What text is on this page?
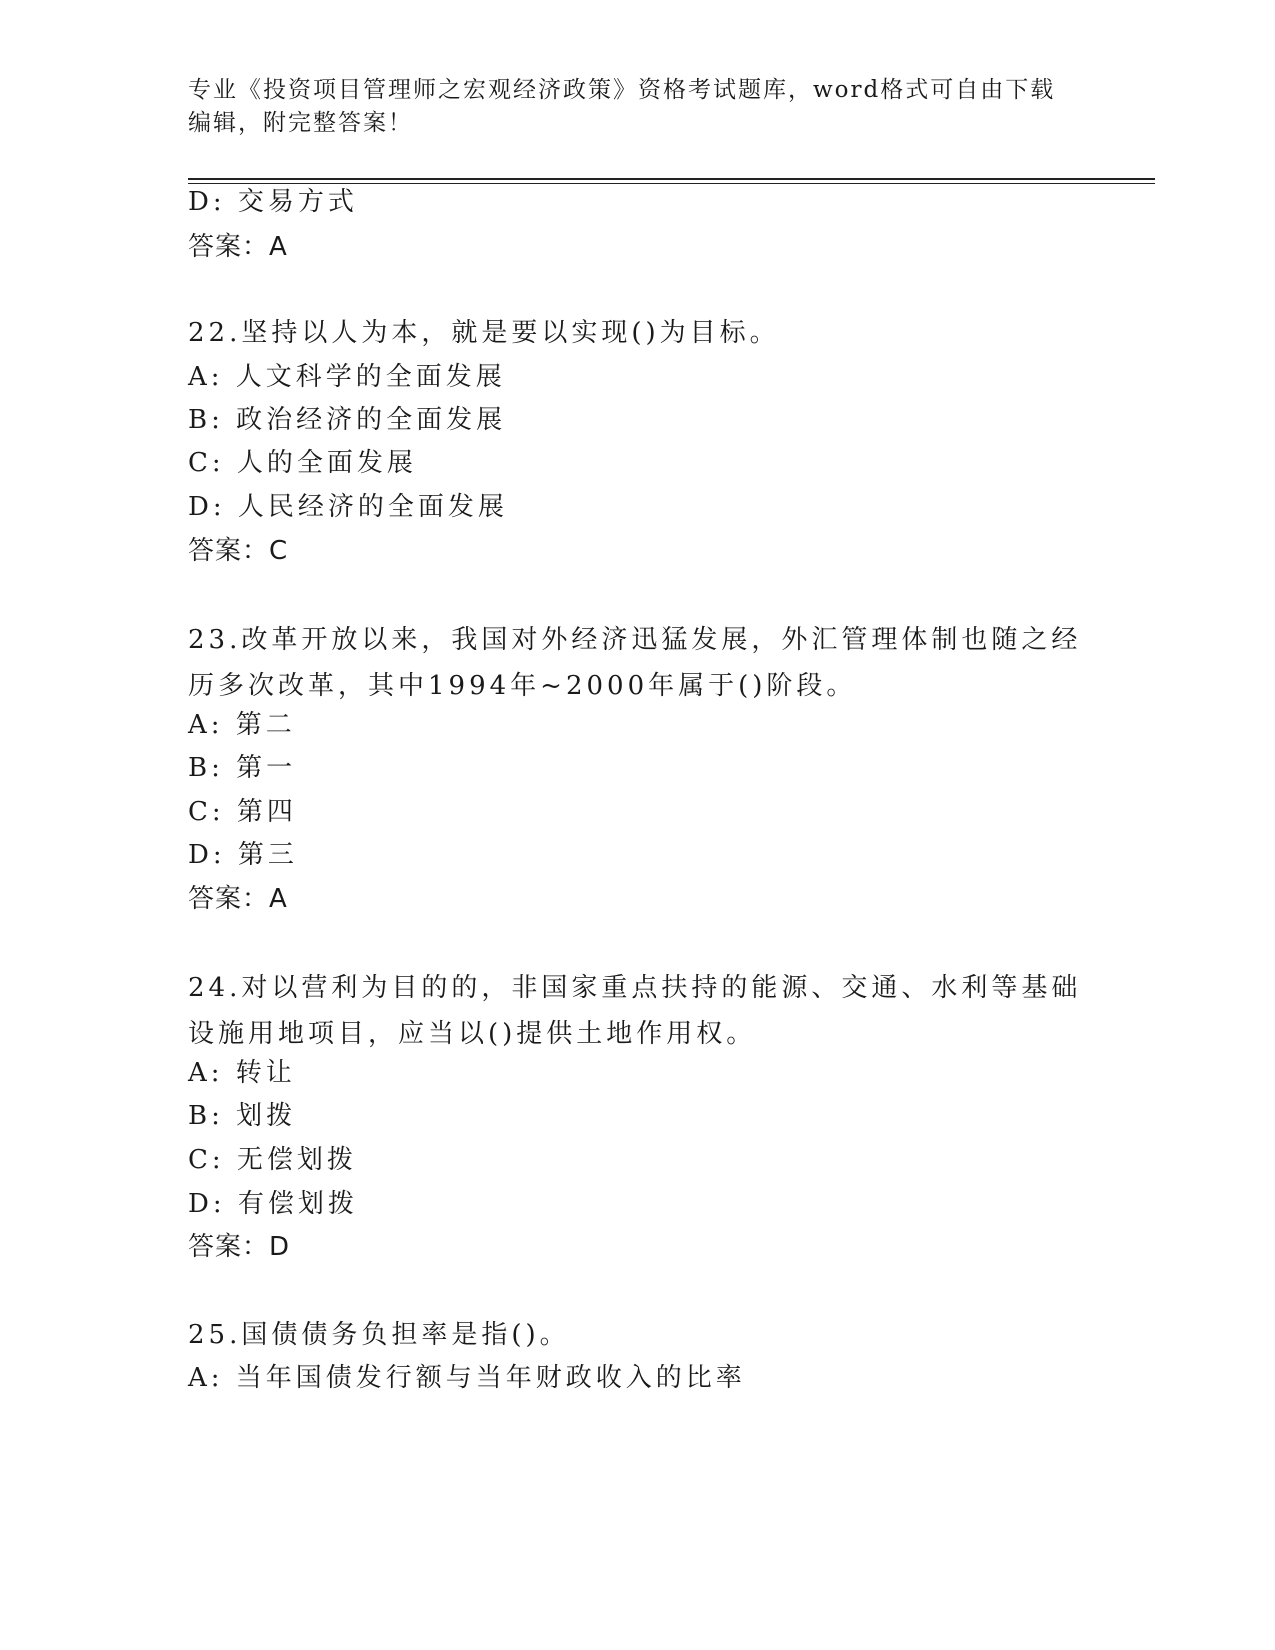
专业《投资项目管理师之宏观经济政策》资格考试题库，word格式可自由下载编辑，附完整答案！
D: 交易方式
答案：A
22.坚持以人为本，就是要以实现()为目标。
A: 人文科学的全面发展
B: 政治经济的全面发展
C: 人的全面发展
D: 人民经济的全面发展
答案：C
23.改革开放以来，我国对外经济迅猛发展，外汇管理体制也随之经历多次改革，其中1994年~2000年属于()阶段。
A: 第二
B: 第一
C: 第四
D: 第三
答案：A
24.对以营利为目的的，非国家重点扶持的能源、交通、水利等基础设施用地项目，应当以()提供土地作用权。
A: 转让
B: 划拨
C: 无偿划拨
D: 有偿划拨
答案：D
25.国债债务负担率是指()。
A: 当年国债发行额与当年财政收入的比率
